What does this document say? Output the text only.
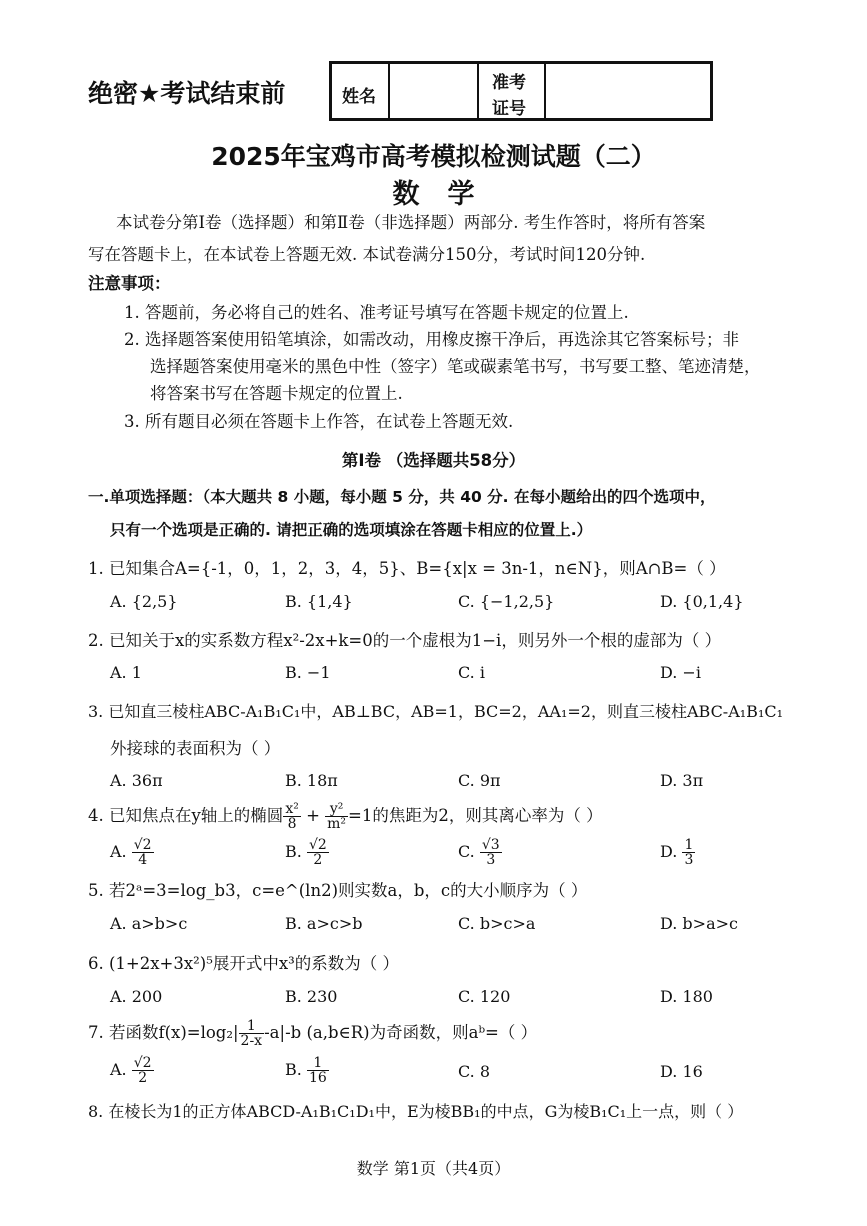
绝密★考试结束前	姓名
准考
证号
2025年宝鸡市高考模拟检测试题（二）
数学
本试卷分第Ⅰ卷（选择题）和第Ⅱ卷（非选择题）两部分. 考生作答时，将所有答案
写在答题卡上，在本试卷上答题无效. 本试卷满分150分，考试时间120分钟.
注意事项：
1. 答题前，务必将自己的姓名、准考证号填写在答题卡规定的位置上.
2. 选择题答案使用铅笔填涂，如需改动，用橡皮擦干净后，再选涂其它答案标号；非
选择题答案使用毫米的黑色中性（签字）笔或碳素笔书写，书写要工整、笔迹清楚，
将答案书写在答题卡规定的位置上.
3. 所有题目必须在答题卡上作答，在试卷上答题无效.
第Ⅰ卷 （选择题共58分）
一.单项选择题：（本大题共 8 小题，每小题 5 分，共 40 分. 在每小题给出的四个选项中，
只有一个选项是正确的. 请把正确的选项填涂在答题卡相应的位置上.）
1. 已知集合A={-1，0，1，2，3，4，5}、B={x|x = 3n-1，n∈N}，则A∩B=（ ）
A. {2,5}	B. {1,4}	C. {−1,2,5}	D. {0,1,4}
2. 已知关于x的实系数方程x²-2x+k=0的一个虚根为1−i，则另外一个根的虚部为（ ）
A. 1	B. −1	C. i	D. −i
3. 已知直三棱柱ABC-A₁B₁C₁中，AB⊥BC，AB=1，BC=2，AA₁=2，则直三棱柱ABC-A₁B₁C₁
外接球的表面积为（ ）
A. 36π	B. 18π	C. 9π	D. 3π
4. 已知焦点在y轴上的椭圆 $\frac{\text{x²}}{8} + \frac{\text{y²}}{\text{m²}} =1$的焦距为2，则其离心率为（ ）
A. $\frac{√2}{4}$	B. $\frac{√2}{2}$	C. $\frac{√3}{3}$	D. $\frac{1}{3}$
5. 若2ᵃ=3=log_b3，c=e^(ln2)则实数a，b，c的大小顺序为（ ）
A. a>b>c	B. a>c>b	C. b>c>a	D. b>a>c
6. (1+2x+3x²)⁵展开式中x³的系数为（ ）
A. 200	B. 230	C. 120	D. 180
7. 若函数$f(x)=\log_2| \frac{1}{2-x} -a|-b$ (a,b∈R)为奇函数，则aᵇ=（ ）
A. $\frac{√2}{2}$	B. $\frac{1}{16}$	C. 8	D. 16
8. 在棱长为1的正方体ABCD-A₁B₁C₁D₁中，E为棱BB₁的中点，G为棱B₁C₁上一点，则（ ）
数学 第1页（共4页）
